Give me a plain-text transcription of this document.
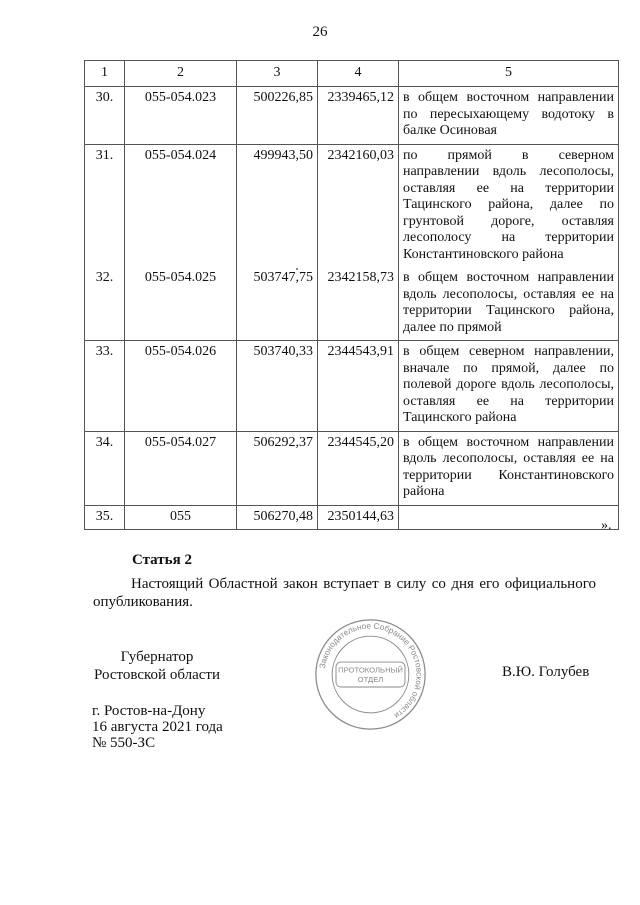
26
1	2	3	4	5
30.	055-054.023	500226,85	2339465,12	в общем восточном направлении по пересыхающему водотоку в балке Осиновая
31.	055-054.024	499943,50	2342160,03	по прямой в северном направлении вдоль лесополосы, оставляя ее на территории Тацинского района, далее по грунтовой дороге, оставляя лесополосу на территории Константиновского района
32.	055-054.025	503747,75	2342158,73	в общем восточном направлении вдоль лесополосы, оставляя ее на территории Тацинского района, далее по прямой
33.	055-054.026	503740,33	2344543,91	в общем северном направлении, вначале по прямой, далее по полевой дороге вдоль лесополосы, оставляя ее на территории Тацинского района
34.	055-054.027	506292,37	2344545,20	в общем восточном направлении вдоль лесополосы, оставляя ее на территории Константиновского района
35.	055	506270,48	2350144,63	
».
Статья 2
Настоящий Областной закон вступает в силу со дня его официального опубликования.
Губернатор
Ростовской области	В.Ю. Голубев
г. Ростов-на-Дону
16 августа 2021 года
№ 550-ЗС
Законодательное Собрание Ростовской области
ПРОТОКОЛЬНЫЙ
ОТДЕЛ
